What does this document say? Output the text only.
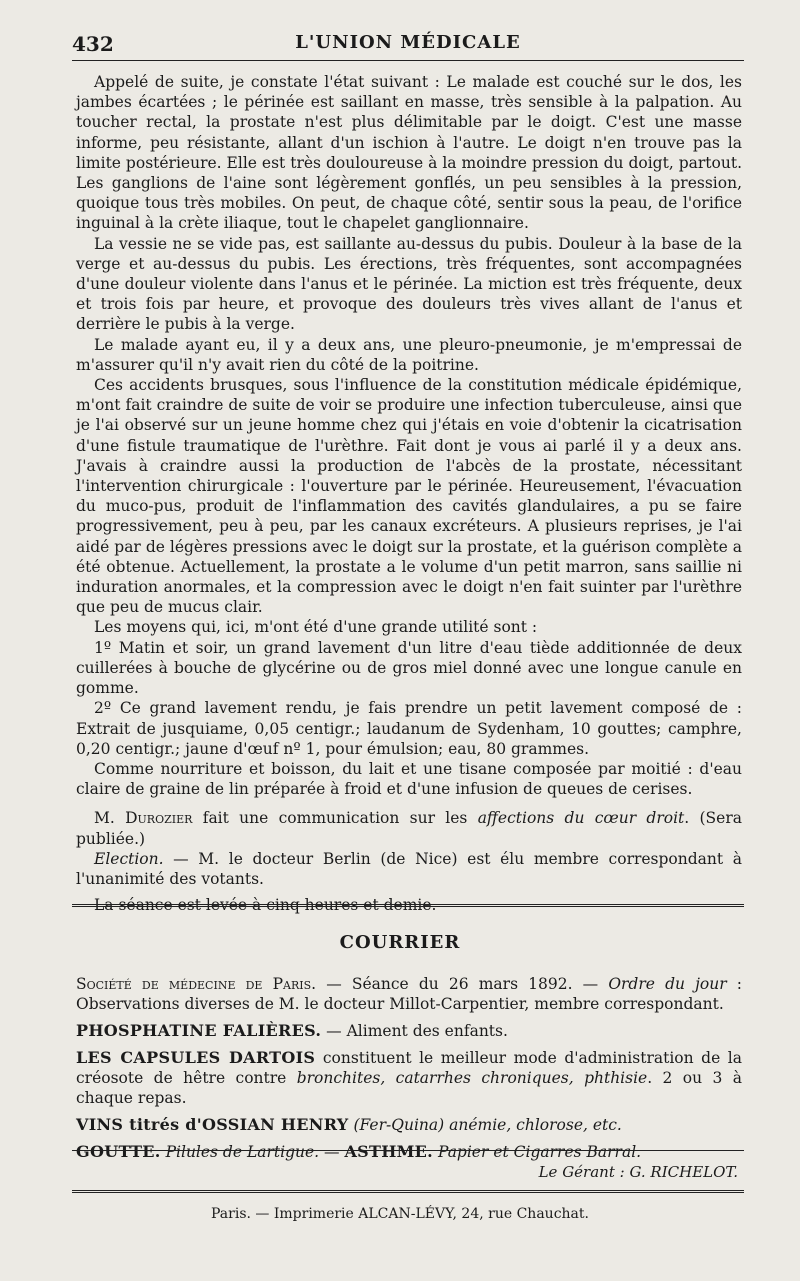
432	L'UNION MÉDICALE

Appelé de suite, je constate l'état suivant : Le malade est couché sur le dos, les jambes écartées ; le périnée est saillant en masse, très sensible à la palpation. Au toucher rectal, la prostate n'est plus délimitable par le doigt. C'est une masse informe, peu résistante, allant d'un ischion à l'autre. Le doigt n'en trouve pas la limite postérieure. Elle est très douloureuse à la moindre pression du doigt, partout. Les ganglions de l'aine sont légèrement gonflés, un peu sensibles à la pression, quoique tous très mobiles. On peut, de chaque côté, sentir sous la peau, de l'orifice inguinal à la crète iliaque, tout le chapelet ganglionnaire.

La vessie ne se vide pas, est saillante au-dessus du pubis. Douleur à la base de la verge et au-dessus du pubis. Les érections, très fréquentes, sont accompagnées d'une douleur violente dans l'anus et le périnée. La miction est très fréquente, deux et trois fois par heure, et provoque des douleurs très vives allant de l'anus et derrière le pubis à la verge.

Le malade ayant eu, il y a deux ans, une pleuro-pneumonie, je m'empressai de m'assurer qu'il n'y avait rien du côté de la poitrine.

Ces accidents brusques, sous l'influence de la constitution médicale épidémique, m'ont fait craindre de suite de voir se produire une infection tuberculeuse, ainsi que je l'ai observé sur un jeune homme chez qui j'étais en voie d'obtenir la cicatrisation d'une fistule traumatique de l'urèthre. Fait dont je vous ai parlé il y a deux ans. J'avais à craindre aussi la production de l'abcès de la prostate, nécessitant l'intervention chirurgicale : l'ouverture par le périnée. Heureusement, l'évacuation du muco-pus, produit de l'inflammation des cavités glandulaires, a pu se faire progressivement, peu à peu, par les canaux excréteurs. A plusieurs reprises, je l'ai aidé par de légères pressions avec le doigt sur la prostate, et la guérison complète a été obtenue. Actuellement, la prostate a le volume d'un petit marron, sans saillie ni induration anormales, et la compression avec le doigt n'en fait suinter par l'urèthre que peu de mucus clair.

Les moyens qui, ici, m'ont été d'une grande utilité sont :

1º Matin et soir, un grand lavement d'un litre d'eau tiède additionnée de deux cuillerées à bouche de glycérine ou de gros miel donné avec une longue canule en gomme.

2º Ce grand lavement rendu, je fais prendre un petit lavement composé de : Extrait de jusquiame, 0,05 centigr.; laudanum de Sydenham, 10 gouttes; camphre, 0,20 centigr.; jaune d'œuf nº 1, pour émulsion; eau, 80 grammes.

Comme nourriture et boisson, du lait et une tisane composée par moitié : d'eau claire de graine de lin préparée à froid et d'une infusion de queues de cerises.

M. Durozier fait une communication sur les affections du cœur droit. (Sera publiée.)

Election. — M. le docteur Berlin (de Nice) est élu membre correspondant à l'unanimité des votants.

La séance est levée à cinq heures et demie.

COURRIER

Société de médecine de Paris. — Séance du 26 mars 1892. — Ordre du jour : Observations diverses de M. le docteur Millot-Carpentier, membre correspondant.

PHOSPHATINE FALIÈRES. — Aliment des enfants.

LES CAPSULES DARTOIS constituent le meilleur mode d'administration de la créosote de hêtre contre bronchites, catarrhes chroniques, phthisie. 2 ou 3 à chaque repas.

VINS titrés d'OSSIAN HENRY (Fer-Quina) anémie, chlorose, etc.

GOUTTE. Pilules de Lartigue. — ASTHME. Papier et Cigarres Barral.

Le Gérant : G. RICHELOT.
Paris. — Imprimerie ALCAN-LÉVY, 24, rue Chauchat.
